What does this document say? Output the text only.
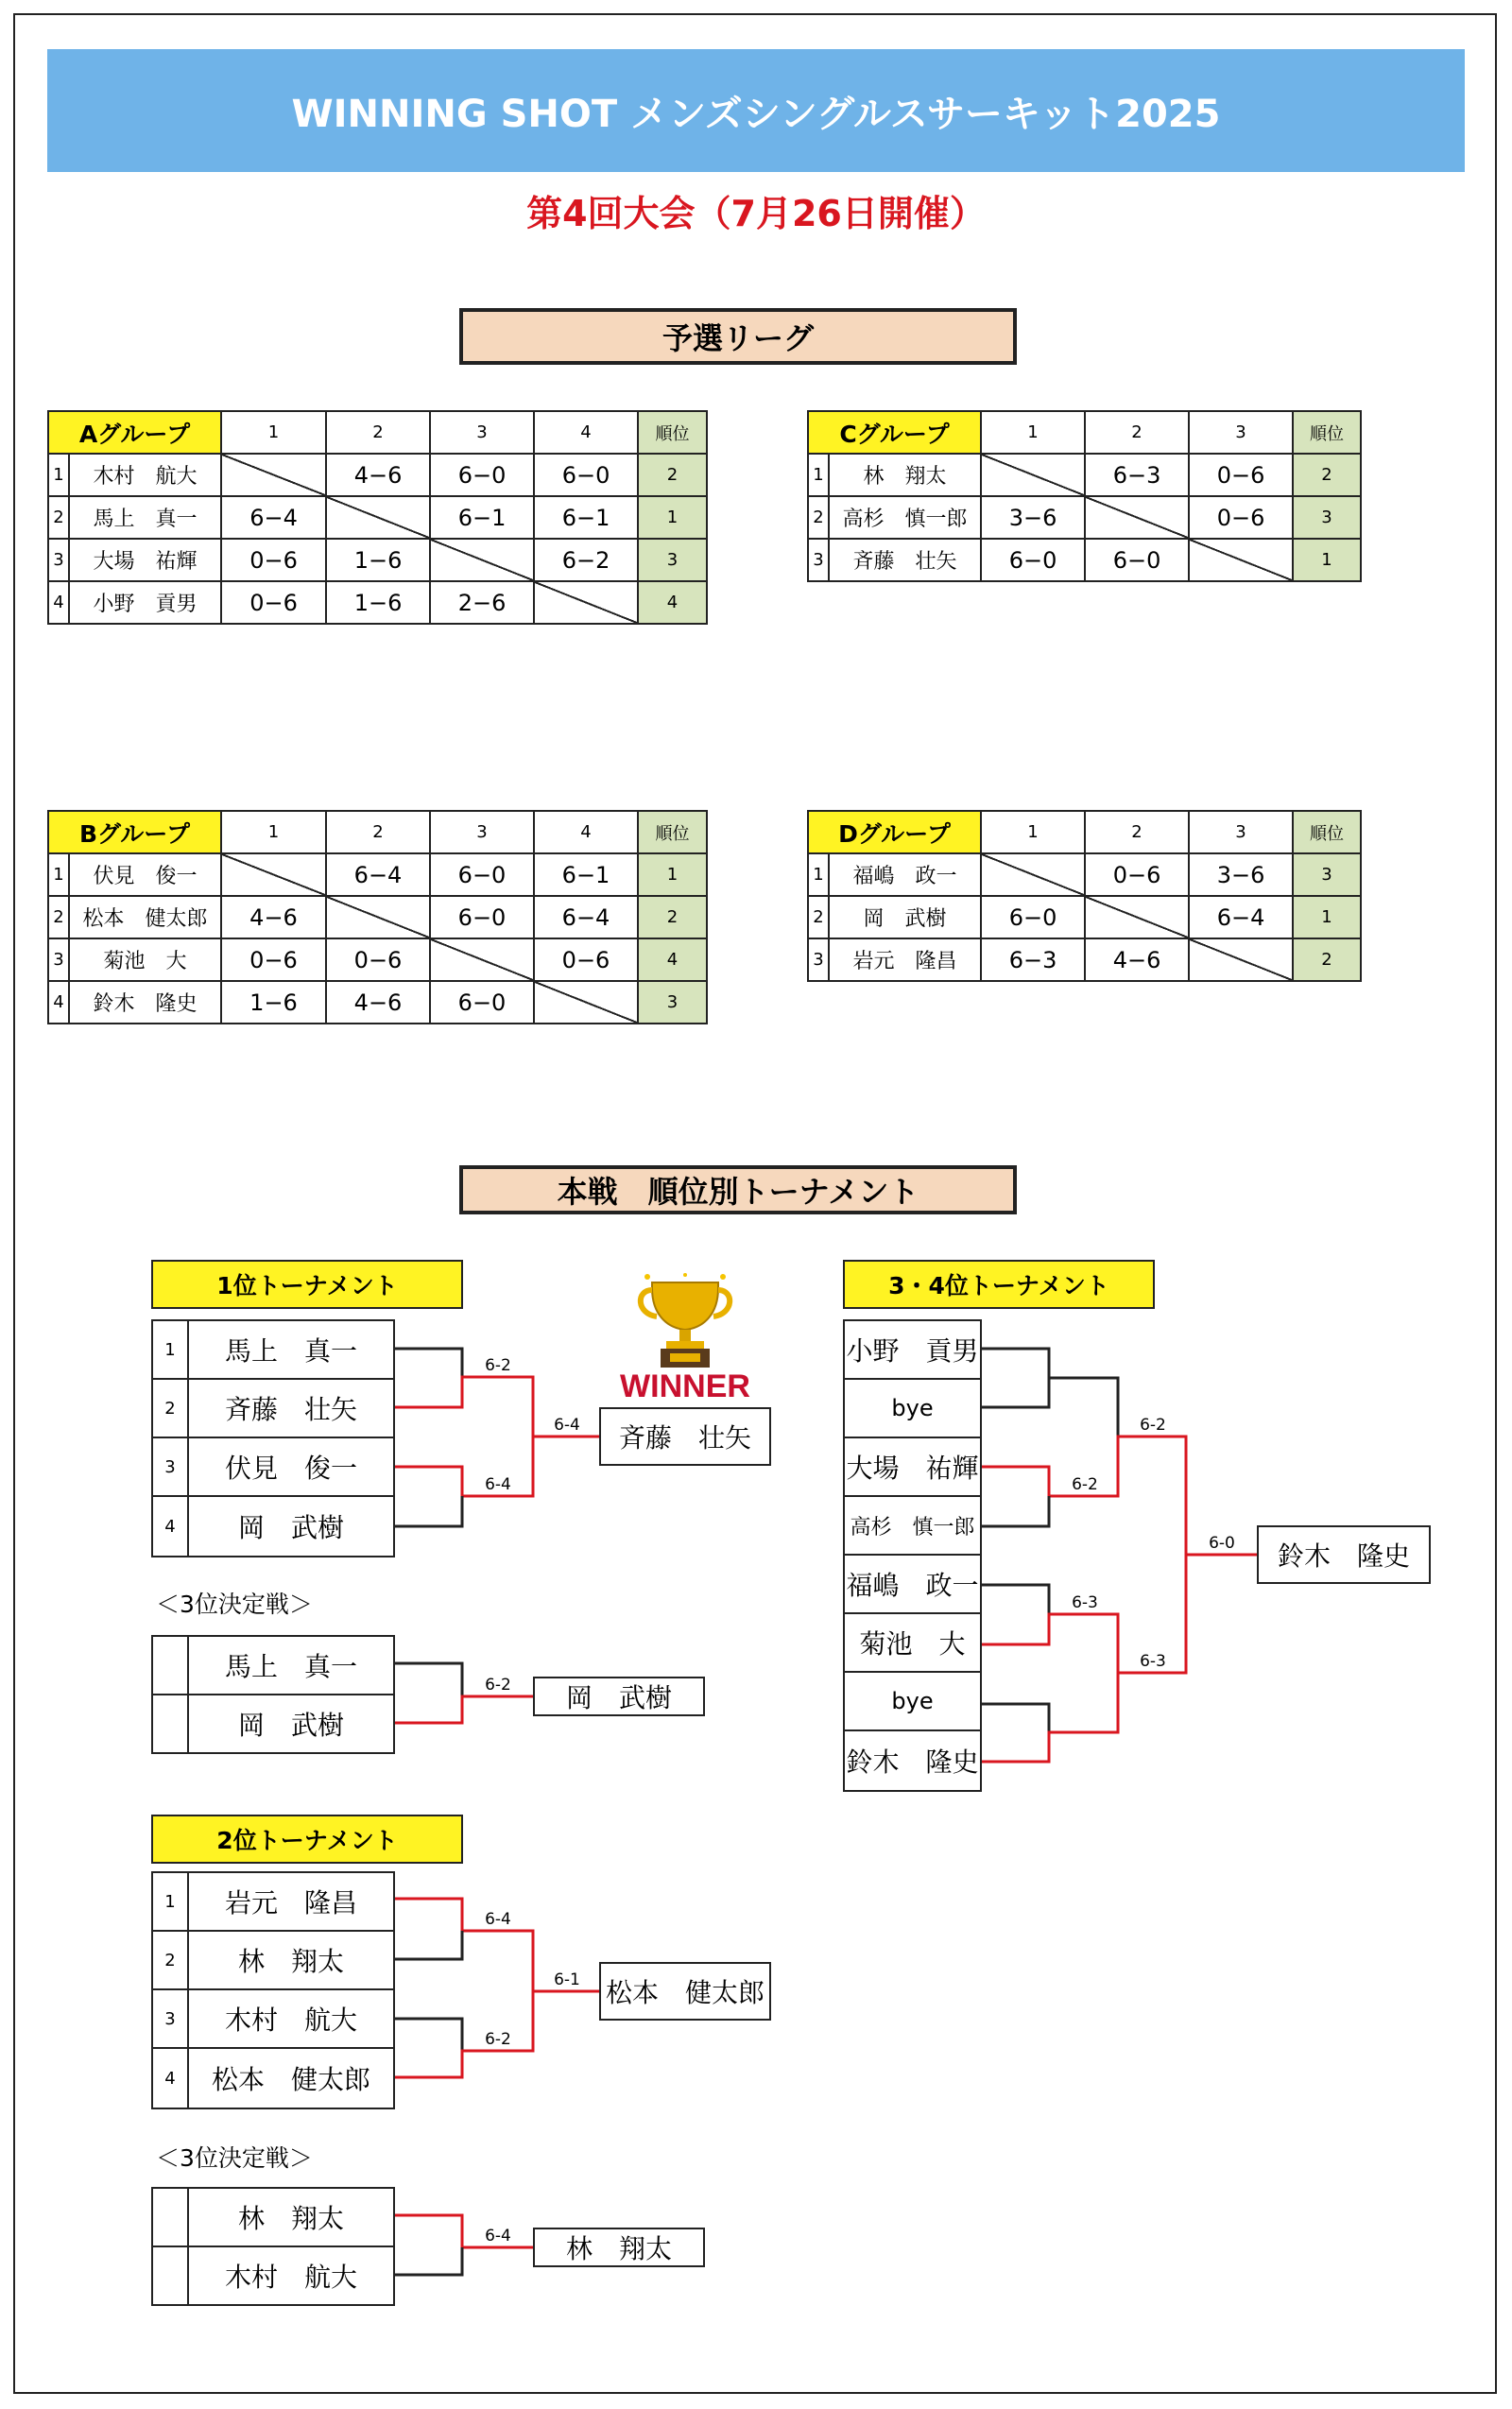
WINNING SHOT メンズシングルスサーキット2025
第4回大会（7月26日開催）
予選リーグ
Aグループ		1	2	3	4	順位
1	木村　航大		4−6	6−0	6−0	2
2	馬上　真一	6−4		6−1	6−1	1
3	大場　祐輝	0−6	1−6		6−2	3
4	小野　貢男	0−6	1−6	2−6		4
Cグループ		1	2	3	順位
1	林　翔太		6−3	0−6	2
2	高杉　慎一郎	3−6		0−6	3
3	斉藤　壮矢	6−0	6−0		1
Bグループ		1	2	3	4	順位
1	伏見　俊一		6−4	6−0	6−1	1
2	松本　健太郎	4−6		6−0	6−4	2
3	菊池　大	0−6	0−6		0−6	4
4	鈴木　隆史	1−6	4−6	6−0		3
Dグループ		1	2	3	順位
1	福嶋　政一		0−6	3−6	3
2	岡　武樹	6−0		6−4	1
3	岩元　隆昌	6−3	4−6		2
本戦　順位別トーナメント
6-2
6-4
6-4
6-2
6-4
6-2
6-1
6-4
6-2
6-3
6-2
6-3
6-0
1位トーナメント
1	馬上　真一
2	斉藤　壮矢
3	伏見　俊一
4	岡　武樹
WINNER
斉藤　壮矢
＜3位決定戦＞
馬上　真一
岡　武樹
岡　武樹
2位トーナメント
1	岩元　隆昌
2	林　翔太
3	木村　航大
4	松本　健太郎
松本　健太郎
＜3位決定戦＞
林　翔太
木村　航大
林　翔太
3・4位トーナメント
小野　貢男
bye
大場　祐輝
高杉　慎一郎
福嶋　政一
菊池　大
bye
鈴木　隆史
鈴木　隆史
